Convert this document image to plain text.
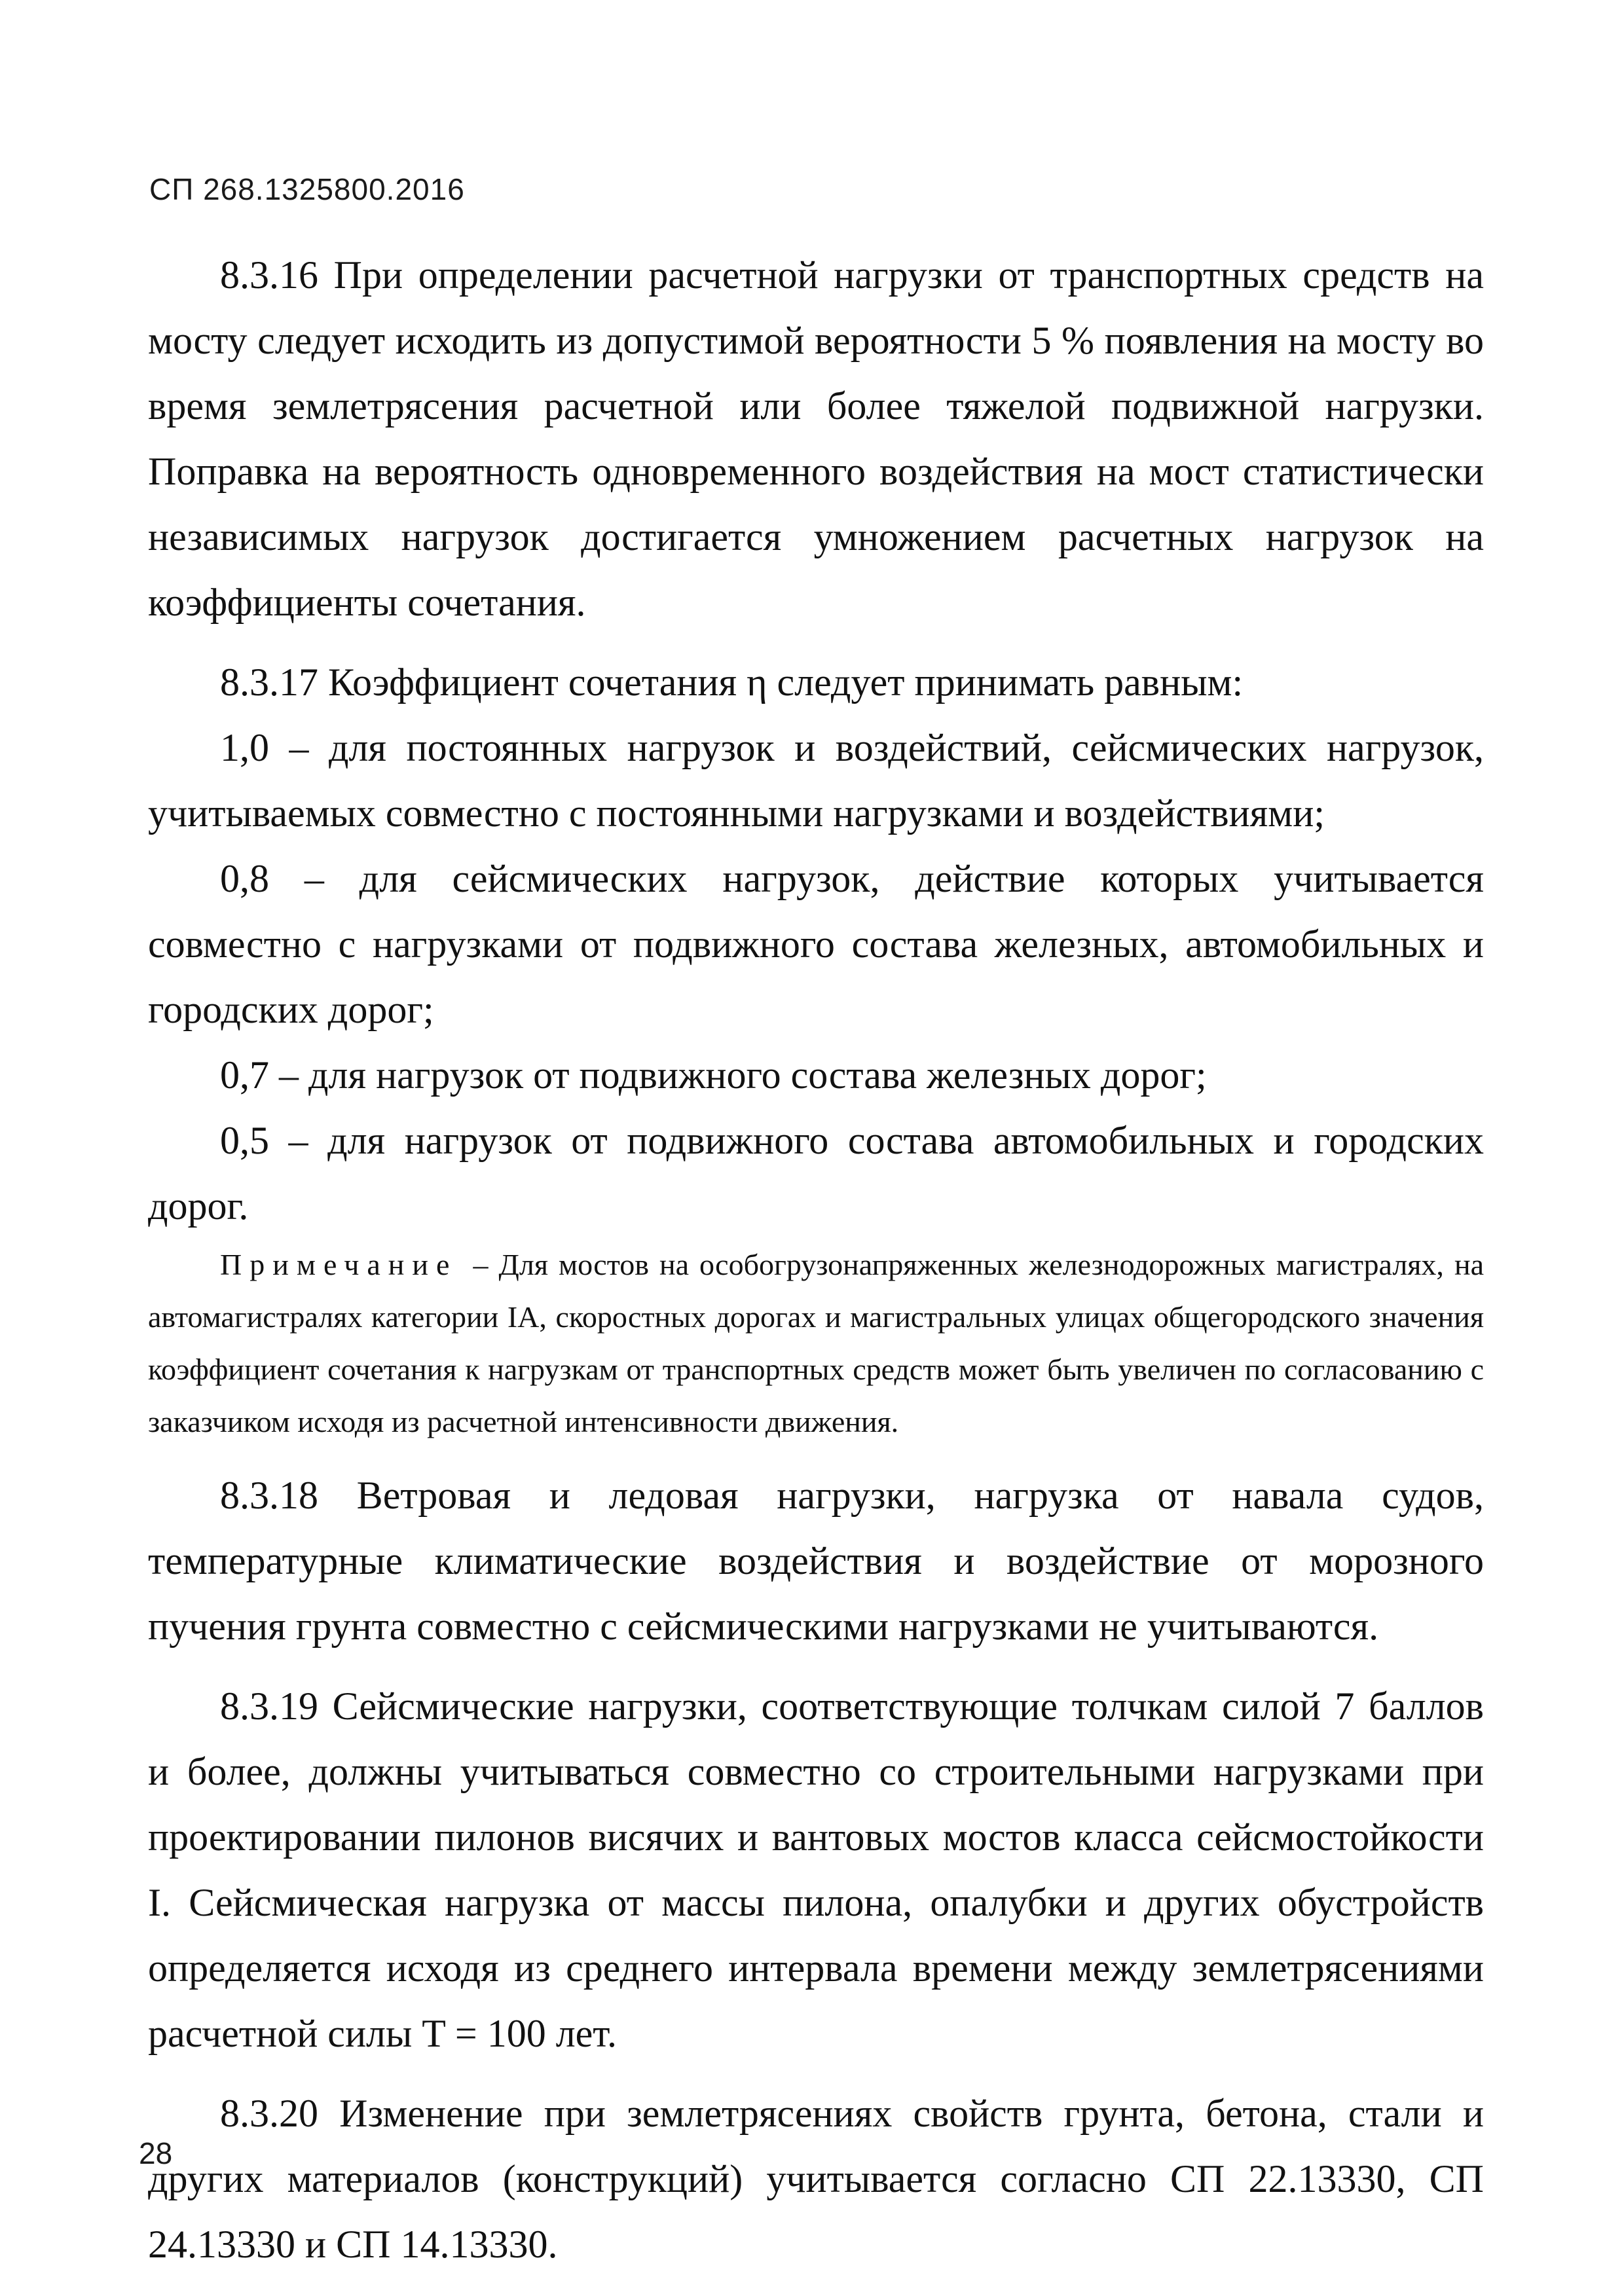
СП 268.1325800.2016

8.3.16 При определении расчетной нагрузки от транспортных средств на мосту следует исходить из допустимой вероятности 5 % появления на мосту во время землетрясения расчетной или более тяжелой подвижной нагрузки. Поправка на вероятность одновременного воздействия на мост статистически независимых нагрузок достигается умножением расчетных нагрузок на коэффициенты сочетания.

8.3.17 Коэффициент сочетания η следует принимать равным:

1,0 – для постоянных нагрузок и воздействий, сейсмических нагрузок, учитываемых совместно с постоянными нагрузками и воздействиями;

0,8 – для сейсмических нагрузок, действие которых учитывается совместно с нагрузками от подвижного состава железных, автомобильных и городских дорог;

0,7 – для нагрузок от подвижного состава железных дорог;

0,5 – для нагрузок от подвижного состава автомобильных и городских дорог.

Примечание – Для мостов на особогрузонапряженных железнодорожных магистралях, на автомагистралях категории IA, скоростных дорогах и магистральных улицах общегородского значения коэффициент сочетания к нагрузкам от транспортных средств может быть увеличен по согласованию с заказчиком исходя из расчетной интенсивности движения.

8.3.18 Ветровая и ледовая нагрузки, нагрузка от навала судов, температурные климатические воздействия и воздействие от морозного пучения грунта совместно с сейсмическими нагрузками не учитываются.

8.3.19 Сейсмические нагрузки, соответствующие толчкам силой 7 баллов и более, должны учитываться совместно со строительными нагрузками при проектировании пилонов висячих и вантовых мостов класса сейсмостойкости I. Сейсмическая нагрузка от массы пилона, опалубки и других обустройств определяется исходя из среднего интервала времени между землетрясениями расчетной силы T = 100 лет.

8.3.20 Изменение при землетрясениях свойств грунта, бетона, стали и других материалов (конструкций) учитывается согласно СП 22.13330, СП 24.13330 и СП 14.13330.

28
